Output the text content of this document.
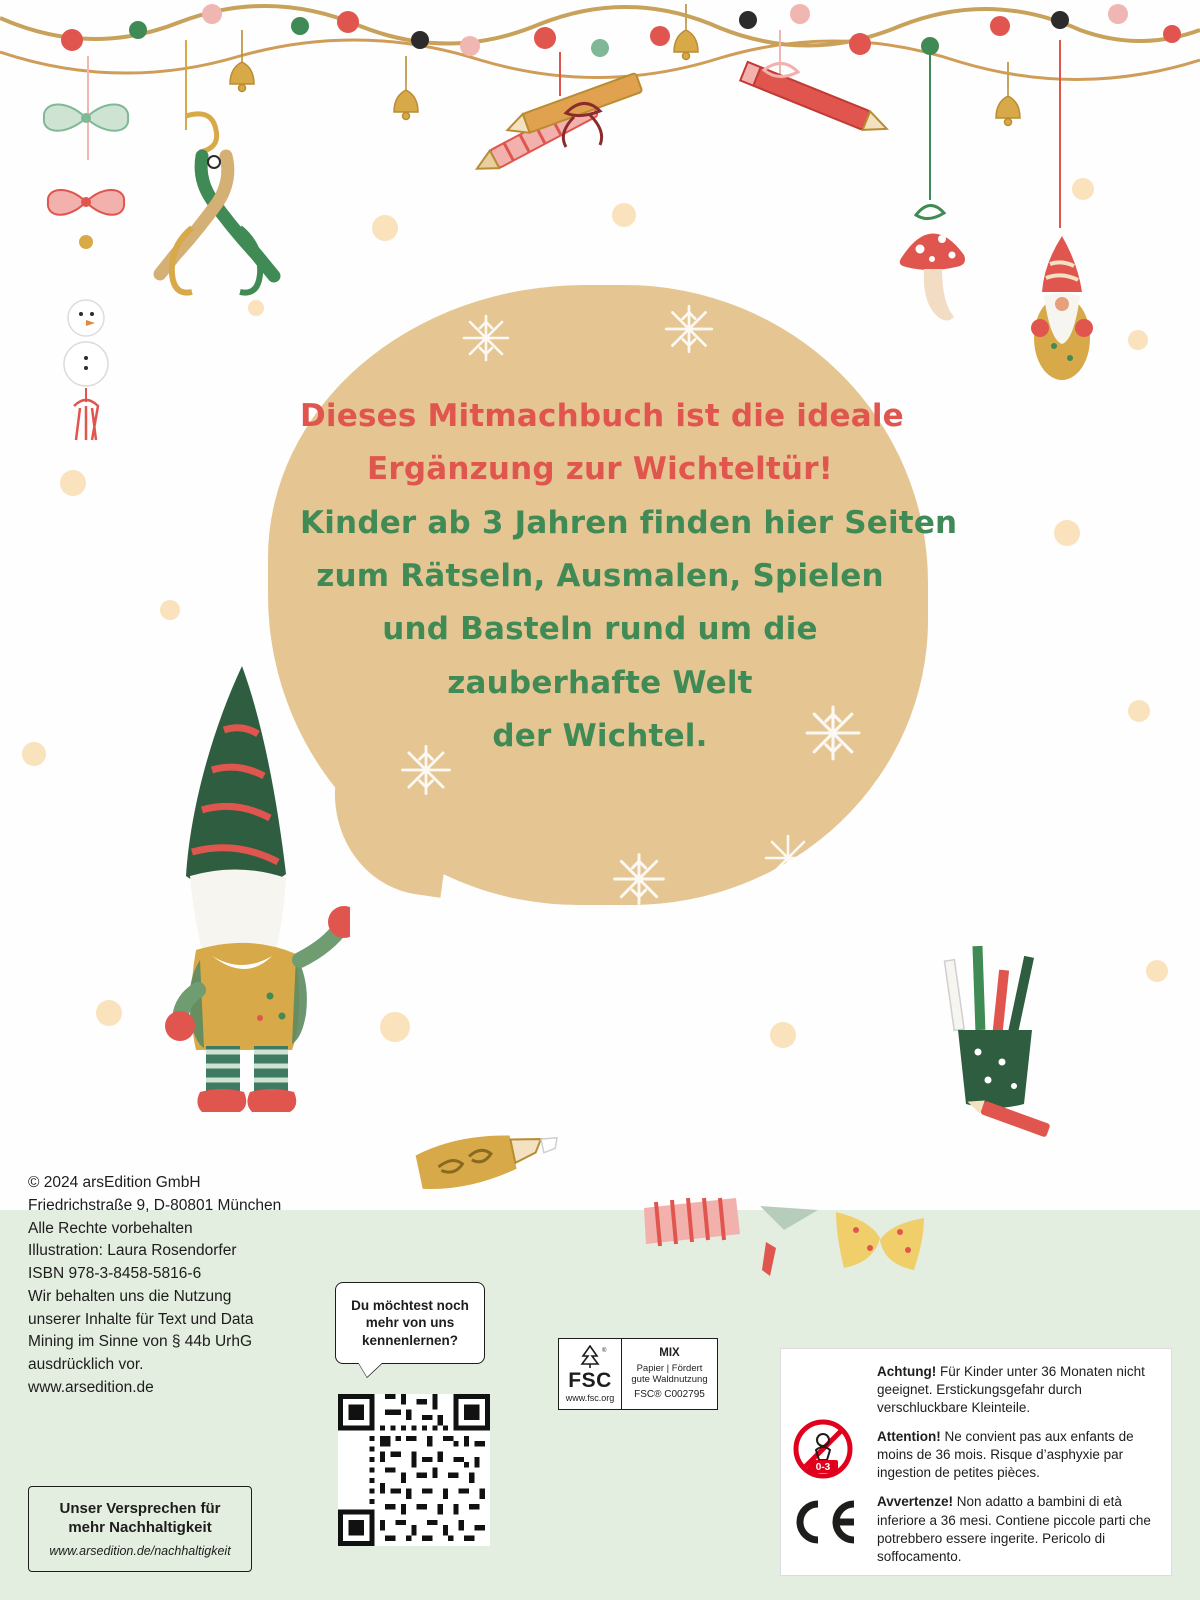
Dieses Mitmachbuch ist die ideale
Ergänzung zur Wichteltür!
Kinder ab 3 Jahren finden hier Seiten
zum Rätseln, Ausmalen, Spielen
und Basteln rund um die
zauberhafte Welt
der Wichtel.
© 2024 arsEdition GmbH
Friedrichstraße 9, D-80801 München
Alle Rechte vorbehalten
Illustration: Laura Rosendorfer
ISBN 978-3-8458-5816-6
Wir behalten uns die Nutzung
unserer Inhalte für Text und Data
Mining im Sinne von § 44b UrhG
ausdrücklich vor.
www.arsedition.de
Unser Versprechen für
mehr Nachhaltigkeit
www.arsedition.de/nachhaltigkeit
Du möchtest noch
mehr von uns
kennenlernen?
®
FSC
www.fsc.org
MIX
Papier | Fördert
gute Waldnutzung
FSC® C002795

Achtung! Für Kinder unter 36 Monaten nicht geeignet. Erstickungsgefahr durch verschluckbare Kleinteile.

Attention! Ne convient pas aux enfants de moins de 36 mois. Risque d’asphyxie par ingestion de petites pièces.

Avvertenze! Non adatto a bambini di età inferiore a 36 mesi. Contiene piccole parti che potrebbero essere ingerite. Pericolo di soffocamento.

0-3
